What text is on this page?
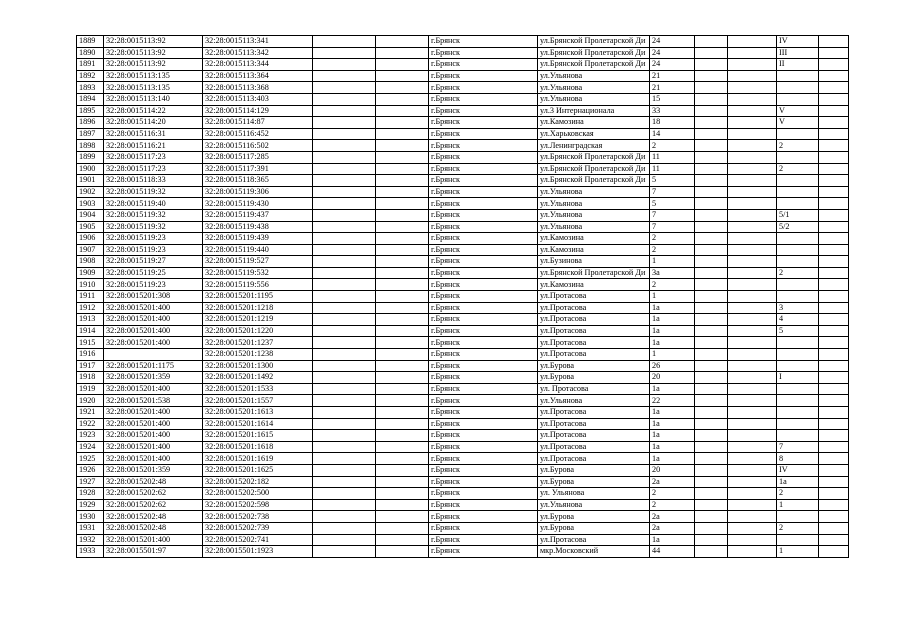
1889	32:28:0015113:92	32:28:0015113:341			г.Брянск	ул.Брянской Пролетарской Ди	24			IV	
1890	32:28:0015113:92	32:28:0015113:342			г.Брянск	ул.Брянской Пролетарской Ди	24			III	
1891	32:28:0015113:92	32:28:0015113:344			г.Брянск	ул.Брянской Пролетарской Ди	24			II	
1892	32:28:0015113:135	32:28:0015113:364			г.Брянск	ул.Ульянова	21				
1893	32:28:0015113:135	32:28:0015113:368			г.Брянск	ул.Ульянова	21				
1894	32:28:0015113:140	32:28:0015113:403			г.Брянск	ул.Ульянова	15				
1895	32:28:0015114:22	32:28:0015114:129			г.Брянск	ул.3 Интернационала	33			V	
1896	32:28:0015114:20	32:28:0015114:87			г.Брянск	ул.Камозина	18			V	
1897	32:28:0015116:31	32:28:0015116:452			г.Брянск	ул.Харьковская	14				
1898	32:28:0015116:21	32:28:0015116:502			г.Брянск	ул.Ленинградская	2			2	
1899	32:28:0015117:23	32:28:0015117:285			г.Брянск	ул.Брянской Пролетарской Ди	11				
1900	32:28:0015117:23	32:28:0015117:391			г.Брянск	ул.Брянской Пролетарской Ди	11			2	
1901	32:28:0015118:33	32:28:0015118:365			г.Брянск	ул.Брянской Пролетарской Ди	5				
1902	32:28:0015119:32	32:28:0015119:306			г.Брянск	ул.Ульянова	7				
1903	32:28:0015119:40	32:28:0015119:430			г.Брянск	ул.Ульянова	5				
1904	32:28:0015119:32	32:28:0015119:437			г.Брянск	ул.Ульянова	7			5/1	
1905	32:28:0015119:32	32:28:0015119:438			г.Брянск	ул.Ульянова	7			5/2	
1906	32:28:0015119:23	32:28:0015119:439			г.Брянск	ул.Камозина	2				
1907	32:28:0015119:23	32:28:0015119:440			г.Брянск	ул.Камозина	2				
1908	32:28:0015119:27	32:28:0015119:527			г.Брянск	ул.Бузинова	1				
1909	32:28:0015119:25	32:28:0015119:532			г.Брянск	ул.Брянской Пролетарской Ди	3а			2	
1910	32:28:0015119:23	32:28:0015119:556			г.Брянск	ул.Камозина	2				
1911	32:28:0015201:308	32:28:0015201:1195			г.Брянск	ул.Протасова	1				
1912	32:28:0015201:400	32:28:0015201:1218			г.Брянск	ул.Протасова	1а			3	
1913	32:28:0015201:400	32:28:0015201:1219			г.Брянск	ул.Протасова	1а			4	
1914	32:28:0015201:400	32:28:0015201:1220			г.Брянск	ул.Протасова	1а			5	
1915	32:28:0015201:400	32:28:0015201:1237			г.Брянск	ул.Протасова	1а				
1916		32:28:0015201:1238			г.Брянск	ул.Протасова	1				
1917	32:28:0015201:1175	32:28:0015201:1300			г.Брянск	ул.Бурова	26				
1918	32:28:0015201:359	32:28:0015201:1492			г.Брянск	ул.Бурова	20			I	
1919	32:28:0015201:400	32:28:0015201:1533			г.Брянск	ул. Протасова	1а				
1920	32:28:0015201:538	32:28:0015201:1557			г.Брянск	ул.Ульянова	22				
1921	32:28:0015201:400	32:28:0015201:1613			г.Брянск	ул.Протасова	1а				
1922	32:28:0015201:400	32:28:0015201:1614			г.Брянск	ул.Протасова	1а				
1923	32:28:0015201:400	32:28:0015201:1615			г.Брянск	ул.Протасова	1а				
1924	32:28:0015201:400	32:28:0015201:1618			г.Брянск	ул.Протасова	1а			7	
1925	32:28:0015201:400	32:28:0015201:1619			г.Брянск	ул.Протасова	1а			8	
1926	32:28:0015201:359	32:28:0015201:1625			г.Брянск	ул.Бурова	20			IV	
1927	32:28:0015202:48	32:28:0015202:182			г.Брянск	ул.Бурова	2а			1а	
1928	32:28:0015202:62	32:28:0015202:500			г.Брянск	ул. Ульянова	2			2	
1929	32:28:0015202:62	32:28:0015202:598			г.Брянск	ул.Ульянова	2			1	
1930	32:28:0015202:48	32:28:0015202:738			г.Брянск	ул.Бурова	2а				
1931	32:28:0015202:48	32:28:0015202:739			г.Брянск	ул.Бурова	2а			2	
1932	32:28:0015201:400	32:28:0015202:741			г.Брянск	ул.Протасова	1а				
1933	32:28:0015501:97	32:28:0015501:1923			г.Брянск	мкр.Московский	44			1	
